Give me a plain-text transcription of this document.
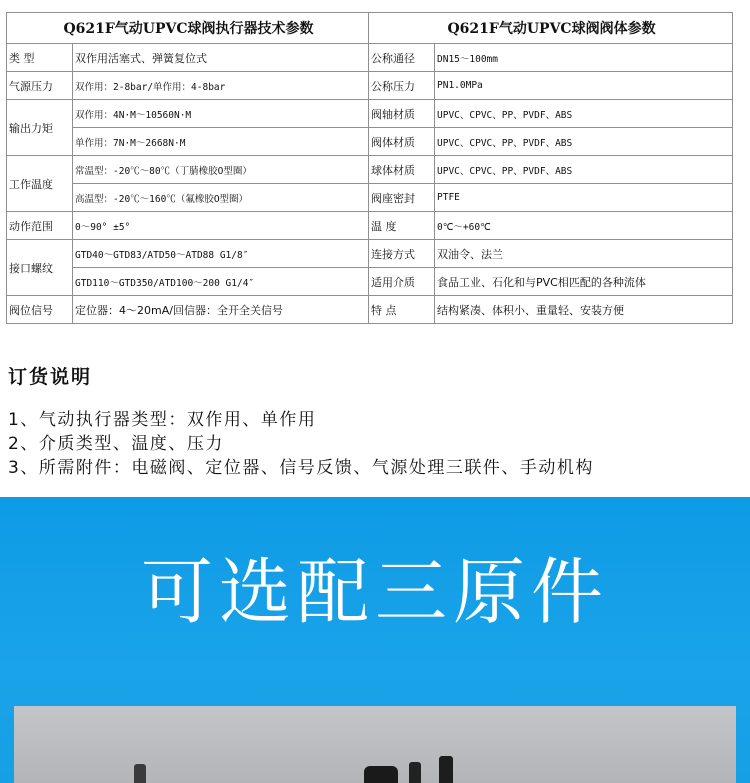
Q621F气动UPVC球阀执行器技术参数		Q621F气动UPVC球阀阀体参数	
类 型	双作用活塞式、弹簧复位式	公称通径	DN15～100mm
气源压力	双作用：2-8bar/单作用：4-8bar	公称压力	PN1.0MPa
输出力矩	双作用：4N·M～10560N·M	阀轴材质	UPVC、CPVC、PP、PVDF、ABS
	单作用：7N·M～2668N·M	阀体材质	UPVC、CPVC、PP、PVDF、ABS
工作温度	常温型：-20℃～80℃（丁腈橡胶O型圈）	球体材质	UPVC、CPVC、PP、PVDF、ABS
	高温型：-20℃～160℃（氟橡胶O型圈）	阀座密封	PTFE
动作范围	0～90° ±5°	温 度	0℃～+60℃
接口螺纹	GTD40～GTD83/ATD50～ATD88 G1/8″	连接方式	双油令、法兰
	GTD110～GTD350/ATD100～200 G1/4″	适用介质	食品工业、石化和与PVC相匹配的各种流体
阀位信号	定位器：4～20mA/回信器：全开全关信号	特 点	结构紧凑、体积小、重量轻、安装方便
订货说明
1、气动执行器类型：双作用、单作用
2、介质类型、温度、压力
3、所需附件：电磁阀、定位器、信号反馈、气源处理三联件、手动机构
可选配三原件
